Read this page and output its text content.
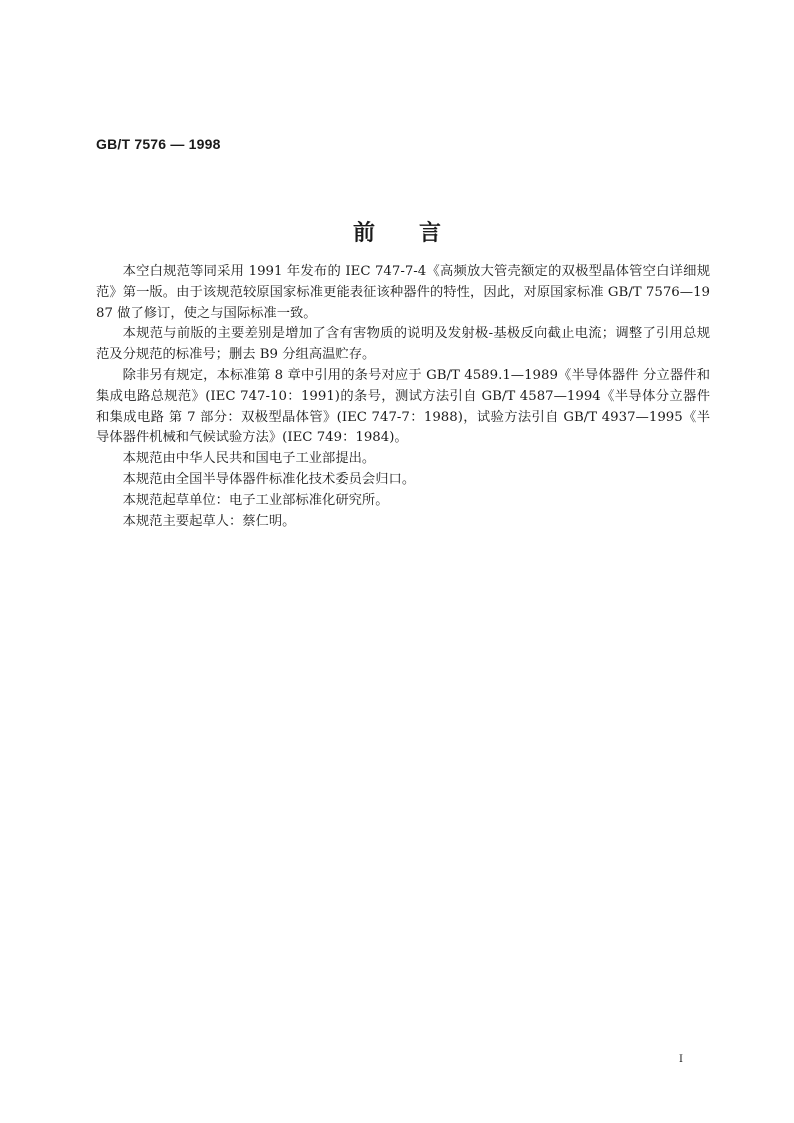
GB/T 7576 — 1998
前言

本空白规范等同采用 1991 年发布的 IEC 747-7-4《高频放大管壳额定的双极型晶体管空白详细规范》第一版。由于该规范较原国家标准更能表征该种器件的特性，因此，对原国家标准 GB/T 7576—1987 做了修订，使之与国际标准一致。

本规范与前版的主要差别是增加了含有害物质的说明及发射极-基极反向截止电流；调整了引用总规范及分规范的标准号；删去 B9 分组高温贮存。

除非另有规定，本标准第 8 章中引用的条号对应于 GB/T 4589.1—1989《半导体器件 分立器件和集成电路总规范》(IEC 747-10：1991)的条号，测试方法引自 GB/T 4587—1994《半导体分立器件和集成电路 第 7 部分：双极型晶体管》(IEC 747-7：1988)，试验方法引自 GB/T 4937—1995《半导体器件机械和气候试验方法》(IEC 749：1984)。

本规范由中华人民共和国电子工业部提出。

本规范由全国半导体器件标准化技术委员会归口。

本规范起草单位：电子工业部标准化研究所。

本规范主要起草人：蔡仁明。

I
